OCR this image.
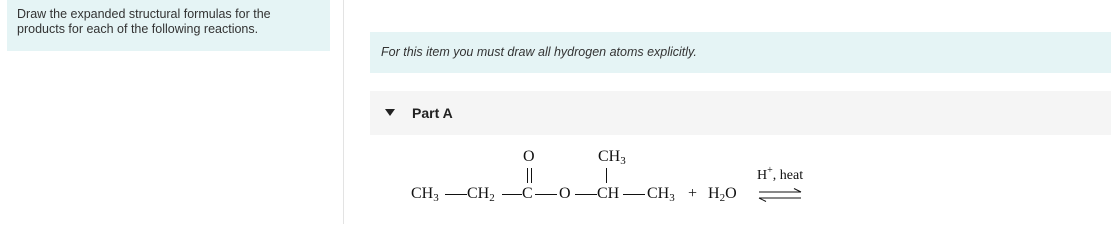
Draw the expanded structural formulas for the products for each of the following reactions.
For this item you must draw all hydrogen atoms explicitly.
Part A
$CH_3$ $CH_2$ C O CH $CH_3$
O	$CH_3$
+ $H_2O$
H+, heat
